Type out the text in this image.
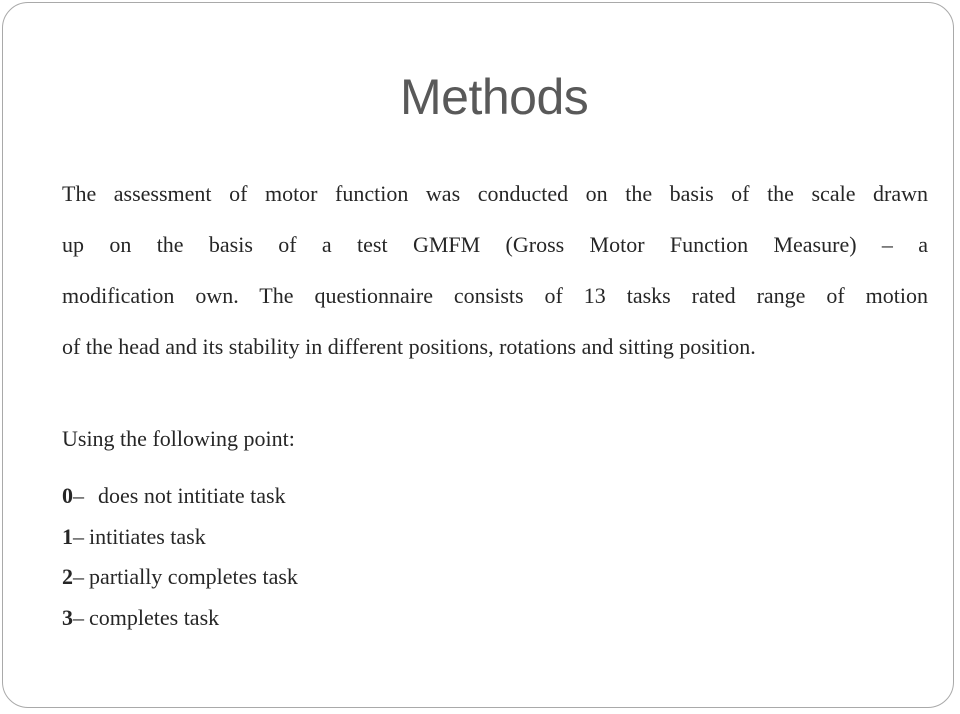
Methods
The assessment of motor function was conducted on the basis of the scale drawn
up on the basis of a test GMFM (Gross Motor Function Measure) – a
modification own. The questionnaire consists of 13 tasks rated range of motion
of the head and its stability in different positions, rotations and sitting position.
Using the following point:
0– does not intitiate task
1– intitiates task
2– partially completes task
3– completes task
